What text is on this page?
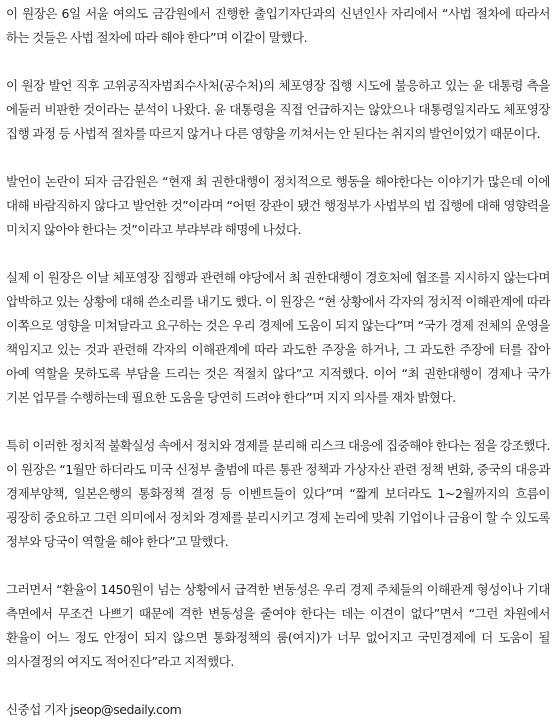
이 원장은 6일 서울 여의도 금감원에서 진행한 출입기자단과의 신년인사 자리에서 “사법 절차에 따라서 하는 것들은 사법 절차에 따라 해야 한다”며 이같이 말했다.

이 원장 발언 직후 고위공직자범죄수사처(공수처)의 체포영장 집행 시도에 불응하고 있는 윤 대통령 측을 에둘러 비판한 것이라는 분석이 나왔다. 윤 대통령을 직접 언급하지는 않았으나 대통령일지라도 체포영장 집행 과정 등 사법적 절차를 따르지 않거나 다른 영향을 끼쳐서는 안 된다는 취지의 발언이었기 때문이다.

발언이 논란이 되자 금감원은 “현재 최 권한대행이 정치적으로 행동을 해야한다는 이야기가 많은데 이에 대해 바람직하지 않다고 발언한 것”이라며 “어떤 장관이 됐건 행정부가 사법부의 법 집행에 대해 영향력을 미치지 않아야 한다는 것”이라고 부랴부랴 해명에 나섰다.

실제 이 원장은 이날 체포영장 집행과 관련해 야당에서 최 권한대행이 경호처에 협조를 지시하지 않는다며 압박하고 있는 상황에 대해 쓴소리를 내기도 했다. 이 원장은 “현 상황에서 각자의 정치적 이해관계에 따라 이쪽으로 영향을 미쳐달라고 요구하는 것은 우리 경제에 도움이 되지 않는다”며 “국가 경제 전체의 운영을 책임지고 있는 것과 관련해 각자의 이해관계에 따라 과도한 주장을 하거나, 그 과도한 주장에 터를 잡아 아예 역할을 못하도록 부담을 드리는 것은 적절치 않다”고 지적했다. 이어 “최 권한대행이 경제나 국가 기본 업무를 수행하는데 필요한 도움을 당연히 드려야 한다”며 지지 의사를 재차 밝혔다.

특히 이러한 정치적 불확실성 속에서 정치와 경제를 분리해 리스크 대응에 집중해야 한다는 점을 강조했다. 이 원장은 “1월만 하더라도 미국 신정부 출범에 따른 통관 정책과 가상자산 관련 정책 변화, 중국의 대응과 경제부양책, 일본은행의 통화정책 결정 등 이벤트들이 있다”며 “짧게 보더라도 1~2월까지의 흐름이 굉장히 중요하고 그런 의미에서 정치와 경제를 분리시키고 경제 논리에 맞춰 기업이나 금융이 할 수 있도록 정부와 당국이 역할을 해야 한다”고 말했다.

그러면서 “환율이 1450원이 넘는 상황에서 급격한 변동성은 우리 경제 주체들의 이해관계 형성이나 기대 측면에서 무조건 나쁘기 때문에 격한 변동성을 줄여야 한다는 데는 이견이 없다”면서 “그런 차원에서 환율이 어느 정도 안정이 되지 않으면 통화정책의 룸(여지)가 너무 없어지고 국민경제에 더 도움이 될 의사결정의 여지도 적어진다”라고 지적했다.

신중섭 기자 jseop@sedaily.com
